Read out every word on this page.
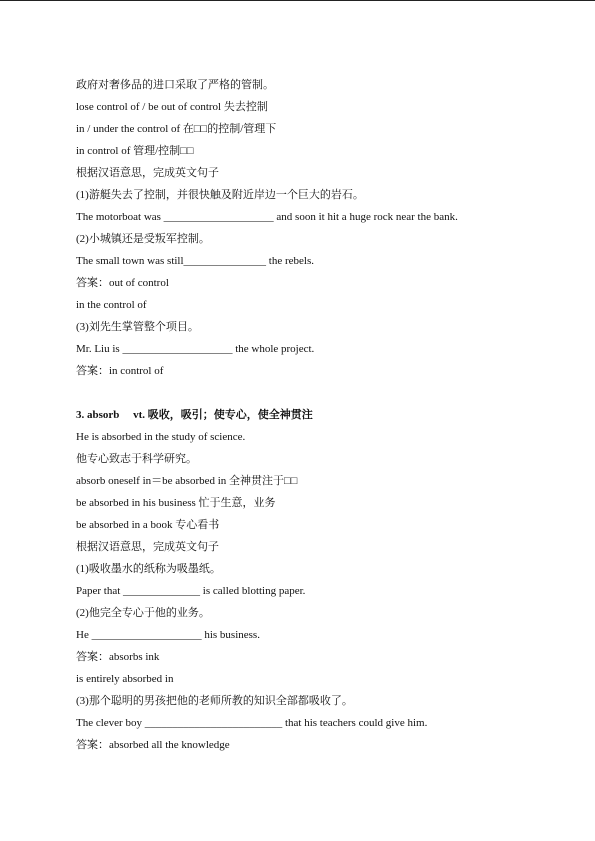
政府对奢侈品的进口采取了严格的管制。
lose control of / be out of control 失去控制
in / under the control of 在□□的控制/管理下
in control of 管理/控制□□
根据汉语意思，完成英文句子
(1)游艇失去了控制，并很快触及附近岸边一个巨大的岩石。
The motorboat was ____________________ and soon it hit a huge rock near the bank.
(2)小城镇还是受叛军控制。
The small town was still_______________ the rebels.
答案：out of control
in the control of
(3)刘先生掌管整个项目。
Mr. Liu is ____________________ the whole project.
答案：in control of
3. absorb　 vt. 吸收，吸引；使专心，使全神贯注
He is absorbed in the study of science.
他专心致志于科学研究。
absorb oneself in＝be absorbed in 全神贯注于□□
be absorbed in his business 忙于生意，业务
be absorbed in a book 专心看书
根据汉语意思，完成英文句子
(1)吸收墨水的纸称为吸墨纸。
Paper that ______________ is called blotting paper.
(2)他完全专心于他的业务。
He ____________________ his business.
答案：absorbs ink
is entirely absorbed in
(3)那个聪明的男孩把他的老师所教的知识全部都吸收了。
The clever boy _________________________ that his teachers could give him.
答案：absorbed all the knowledge
